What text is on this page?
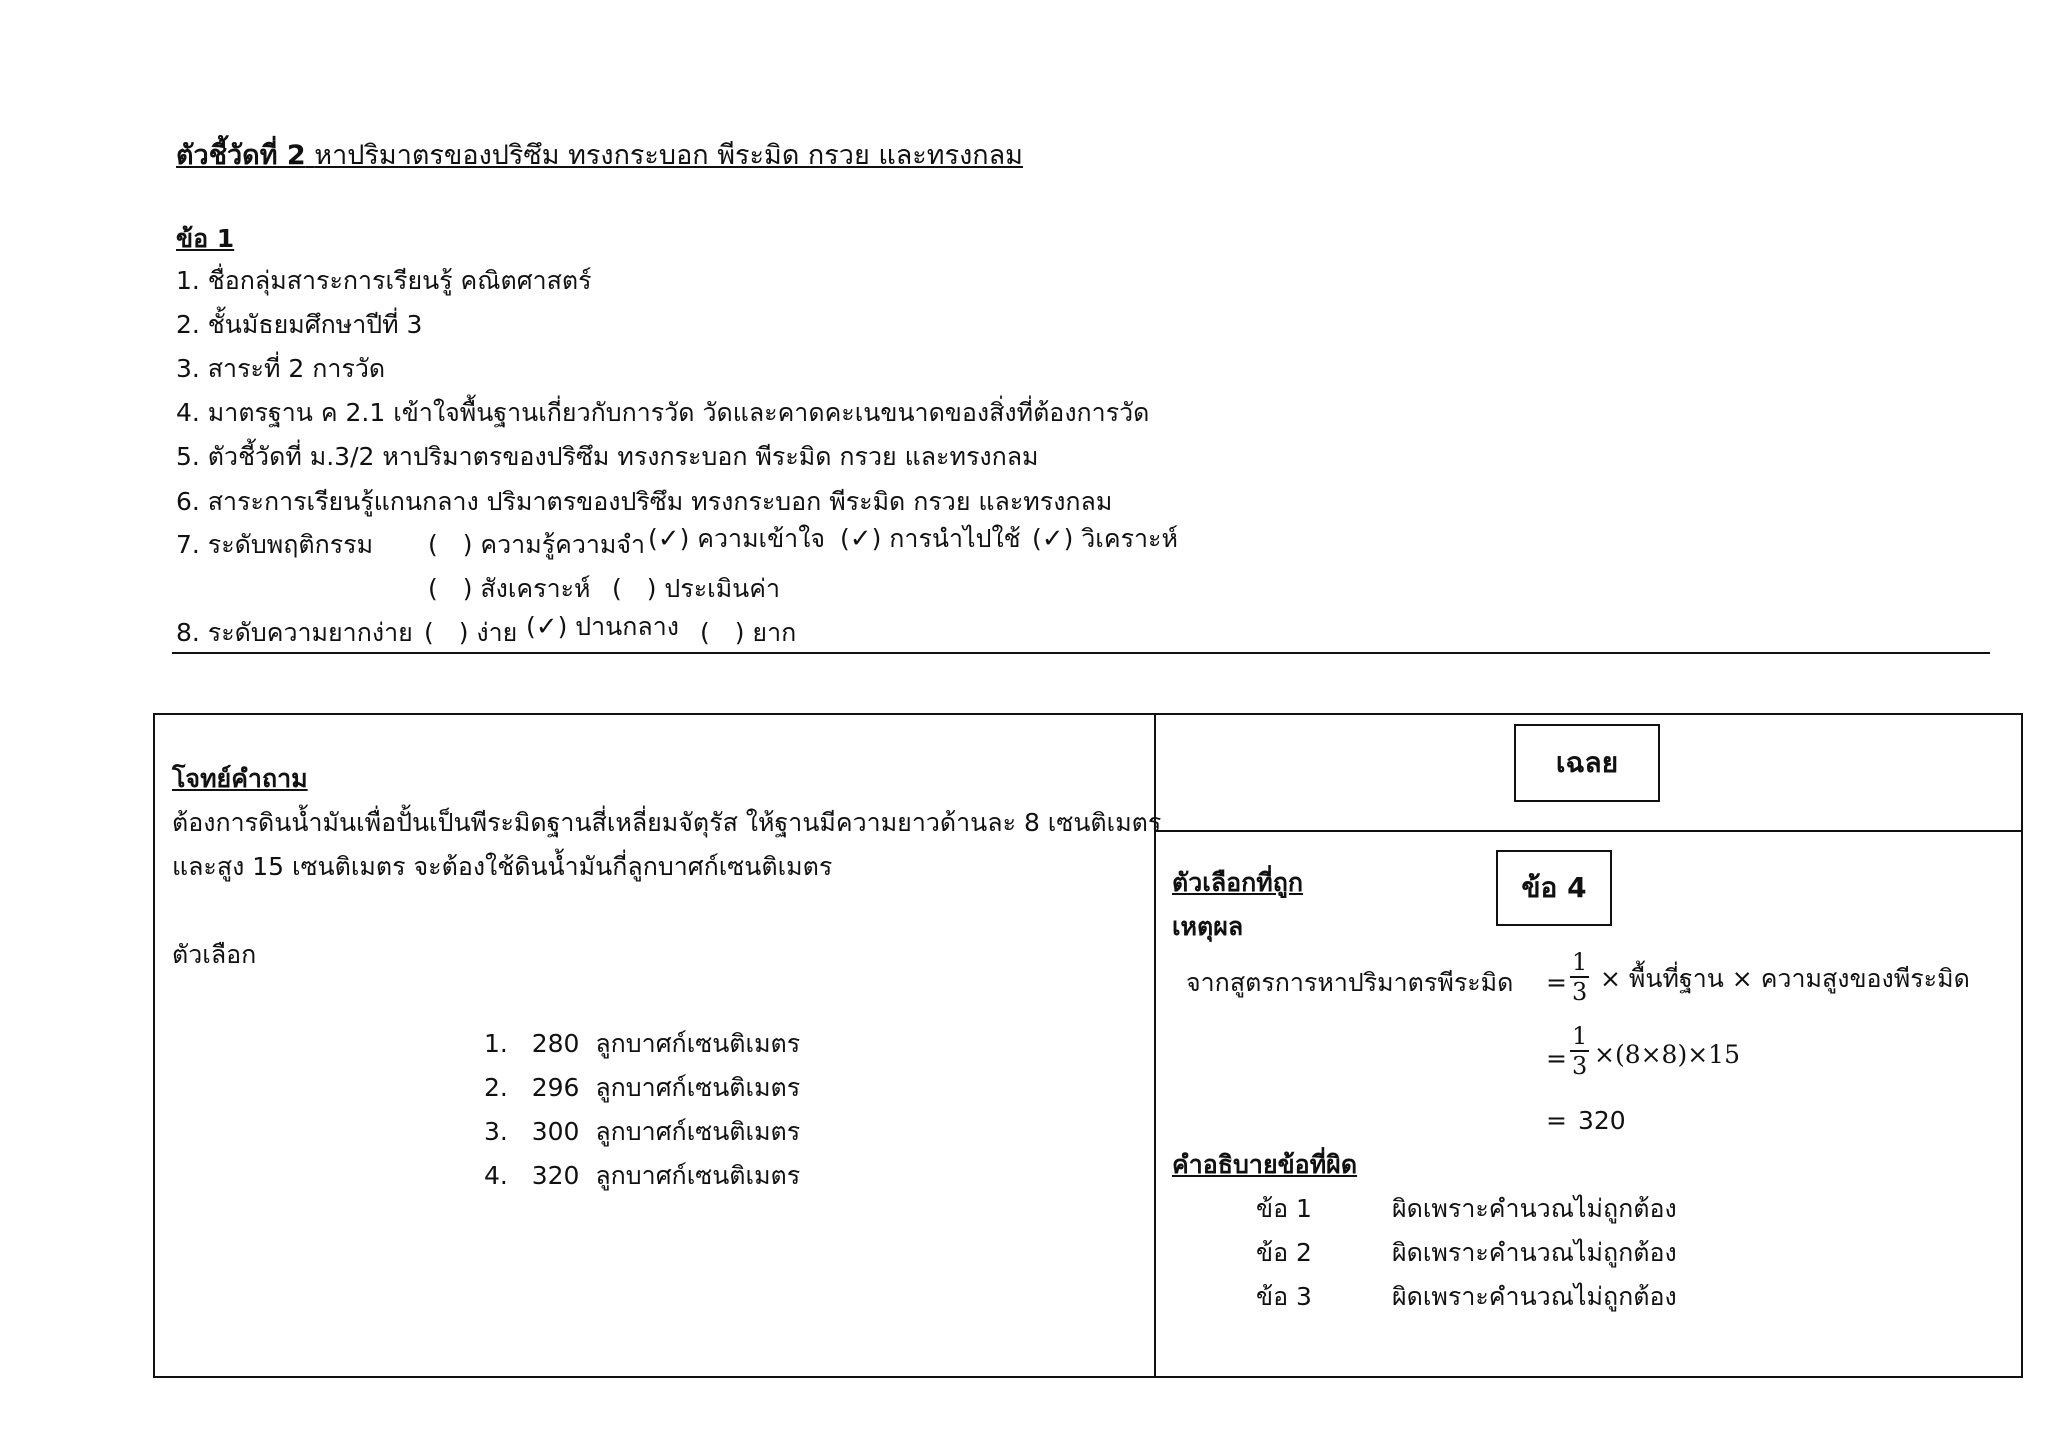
ตัวชี้วัดที่ 2 หาปริมาตรของปริซึม ทรงกระบอก พีระมิด กรวย และทรงกลม
ข้อ 1
1. ชื่อกลุ่มสาระการเรียนรู้ คณิตศาสตร์
2. ชั้นมัธยมศึกษาปีที่ 3
3. สาระที่ 2 การวัด
4. มาตรฐาน ค 2.1 เข้าใจพื้นฐานเกี่ยวกับการวัด วัดและคาดคะเนขนาดของสิ่งที่ต้องการวัด
5. ตัวชี้วัดที่ ม.3/2 หาปริมาตรของปริซึม ทรงกระบอก พีระมิด กรวย และทรงกลม
6. สาระการเรียนรู้แกนกลาง ปริมาตรของปริซึม ทรงกระบอก พีระมิด กรวย และทรงกลม
7. ระดับพฤติกรรม (   ) ความรู้ความจำ (✓) ความเข้าใจ (✓) การนำไปใช้ (✓) วิเคราะห์
(   ) สังเคราะห์ (   ) ประเมินค่า
8. ระดับความยากง่าย (   ) ง่าย (✓) ปานกลาง (   ) ยาก
โจทย์คำถาม
ต้องการดินน้ำมันเพื่อปั้นเป็นพีระมิดฐานสี่เหลี่ยมจัตุรัส ให้ฐานมีความยาวด้านละ 8 เซนติเมตร
และสูง 15 เซนติเมตร จะต้องใช้ดินน้ำมันกี่ลูกบาศก์เซนติเมตร
ตัวเลือก
1. 280 ลูกบาศก์เซนติเมตร
2. 296 ลูกบาศก์เซนติเมตร
3. 300 ลูกบาศก์เซนติเมตร
4. 320 ลูกบาศก์เซนติเมตร
เฉลย
ตัวเลือกที่ถูก	ข้อ 4
เหตุผล
จากสูตรการหาปริมาตรพีระมิด = $\frac{1}{3}$ × พื้นที่ฐาน × ความสูงของพีระมิด
= $\frac{1}{3} \times(8\times 8)\times 15$
= 320
คำอธิบายข้อที่ผิด
ข้อ 1	ผิดเพราะคำนวณไม่ถูกต้อง
ข้อ 2	ผิดเพราะคำนวณไม่ถูกต้อง
ข้อ 3	ผิดเพราะคำนวณไม่ถูกต้อง
